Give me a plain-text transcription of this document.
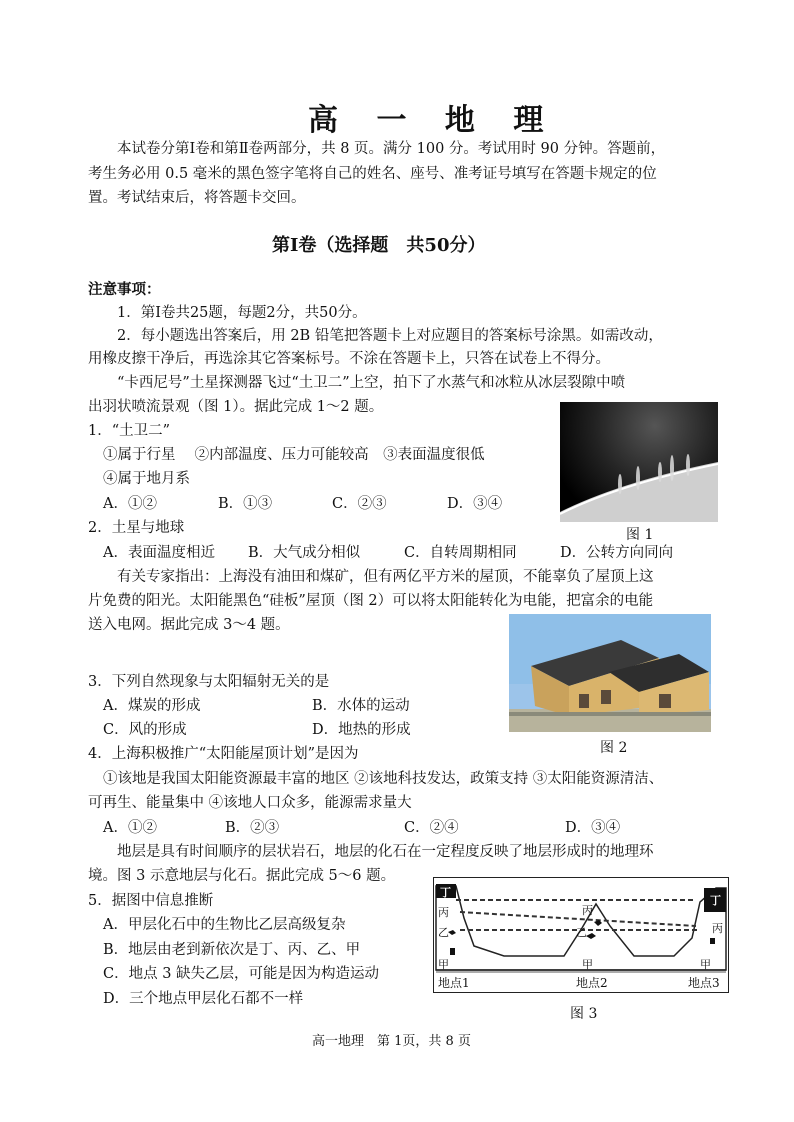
高 一 地 理
本试卷分第Ⅰ卷和第Ⅱ卷两部分，共 8 页。满分 100 分。考试用时 90 分钟。答题前，
考生务必用 0.5 毫米的黑色签字笔将自己的姓名、座号、准考证号填写在答题卡规定的位
置。考试结束后，将答题卡交回。
第Ⅰ卷（选择题　共50分）
注意事项：
1．第Ⅰ卷共25题，每题2分，共50分。
2．每小题选出答案后，用 2B 铅笔把答题卡上对应题目的答案标号涂黑。如需改动，
用橡皮擦干净后，再选涂其它答案标号。不涂在答题卡上，只答在试卷上不得分。
“卡西尼号”土星探测器飞过“土卫二”上空，拍下了水蒸气和冰粒从冰层裂隙中喷
出羽状喷流景观（图 1）。据此完成 1～2 题。
1．“土卫二”
①属于行星　 ②内部温度、压力可能较高　③表面温度很低
④属于地月系
A．①②	B．①③	C．②③	D．③④
图 1
2．土星与地球
A．表面温度相近 B．大气成分相似	C．自转周期相同	D．公转方向同向
有关专家指出：上海没有油田和煤矿，但有两亿平方米的屋顶，不能辜负了屋顶上这
片免费的阳光。太阳能黑色“硅板”屋顶（图 2）可以将太阳能转化为电能，把富余的电能
送入电网。据此完成 3～4 题。
图 2
3．下列自然现象与太阳辐射无关的是
A．煤炭的形成	B．水体的运动
C．风的形成	D．地热的形成
4．上海积极推广“太阳能屋顶计划”是因为
①该地是我国太阳能资源最丰富的地区 ②该地科技发达，政策支持 ③太阳能资源清洁、
可再生、能量集中 ④该地人口众多，能源需求量大
A．①②	B．②③	C．②④	D．③④
地层是具有时间顺序的层状岩石，地层的化石在一定程度反映了地层形成时的地理环
境。图 3 示意地层与化石。据此完成 5～6 题。
5．据图中信息推断
A．甲层化石中的生物比乙层高级复杂
B．地层由老到新依次是丁、丙、乙、甲
C．地点 3 缺失乙层，可能是因为构造运动
D．三个地点甲层化石都不一样
丁
丁
丙	丙
丙
乙	乙
甲	甲	甲
地点1	地点2	地点3
图 3
高一地理　第 1页，共 8 页
